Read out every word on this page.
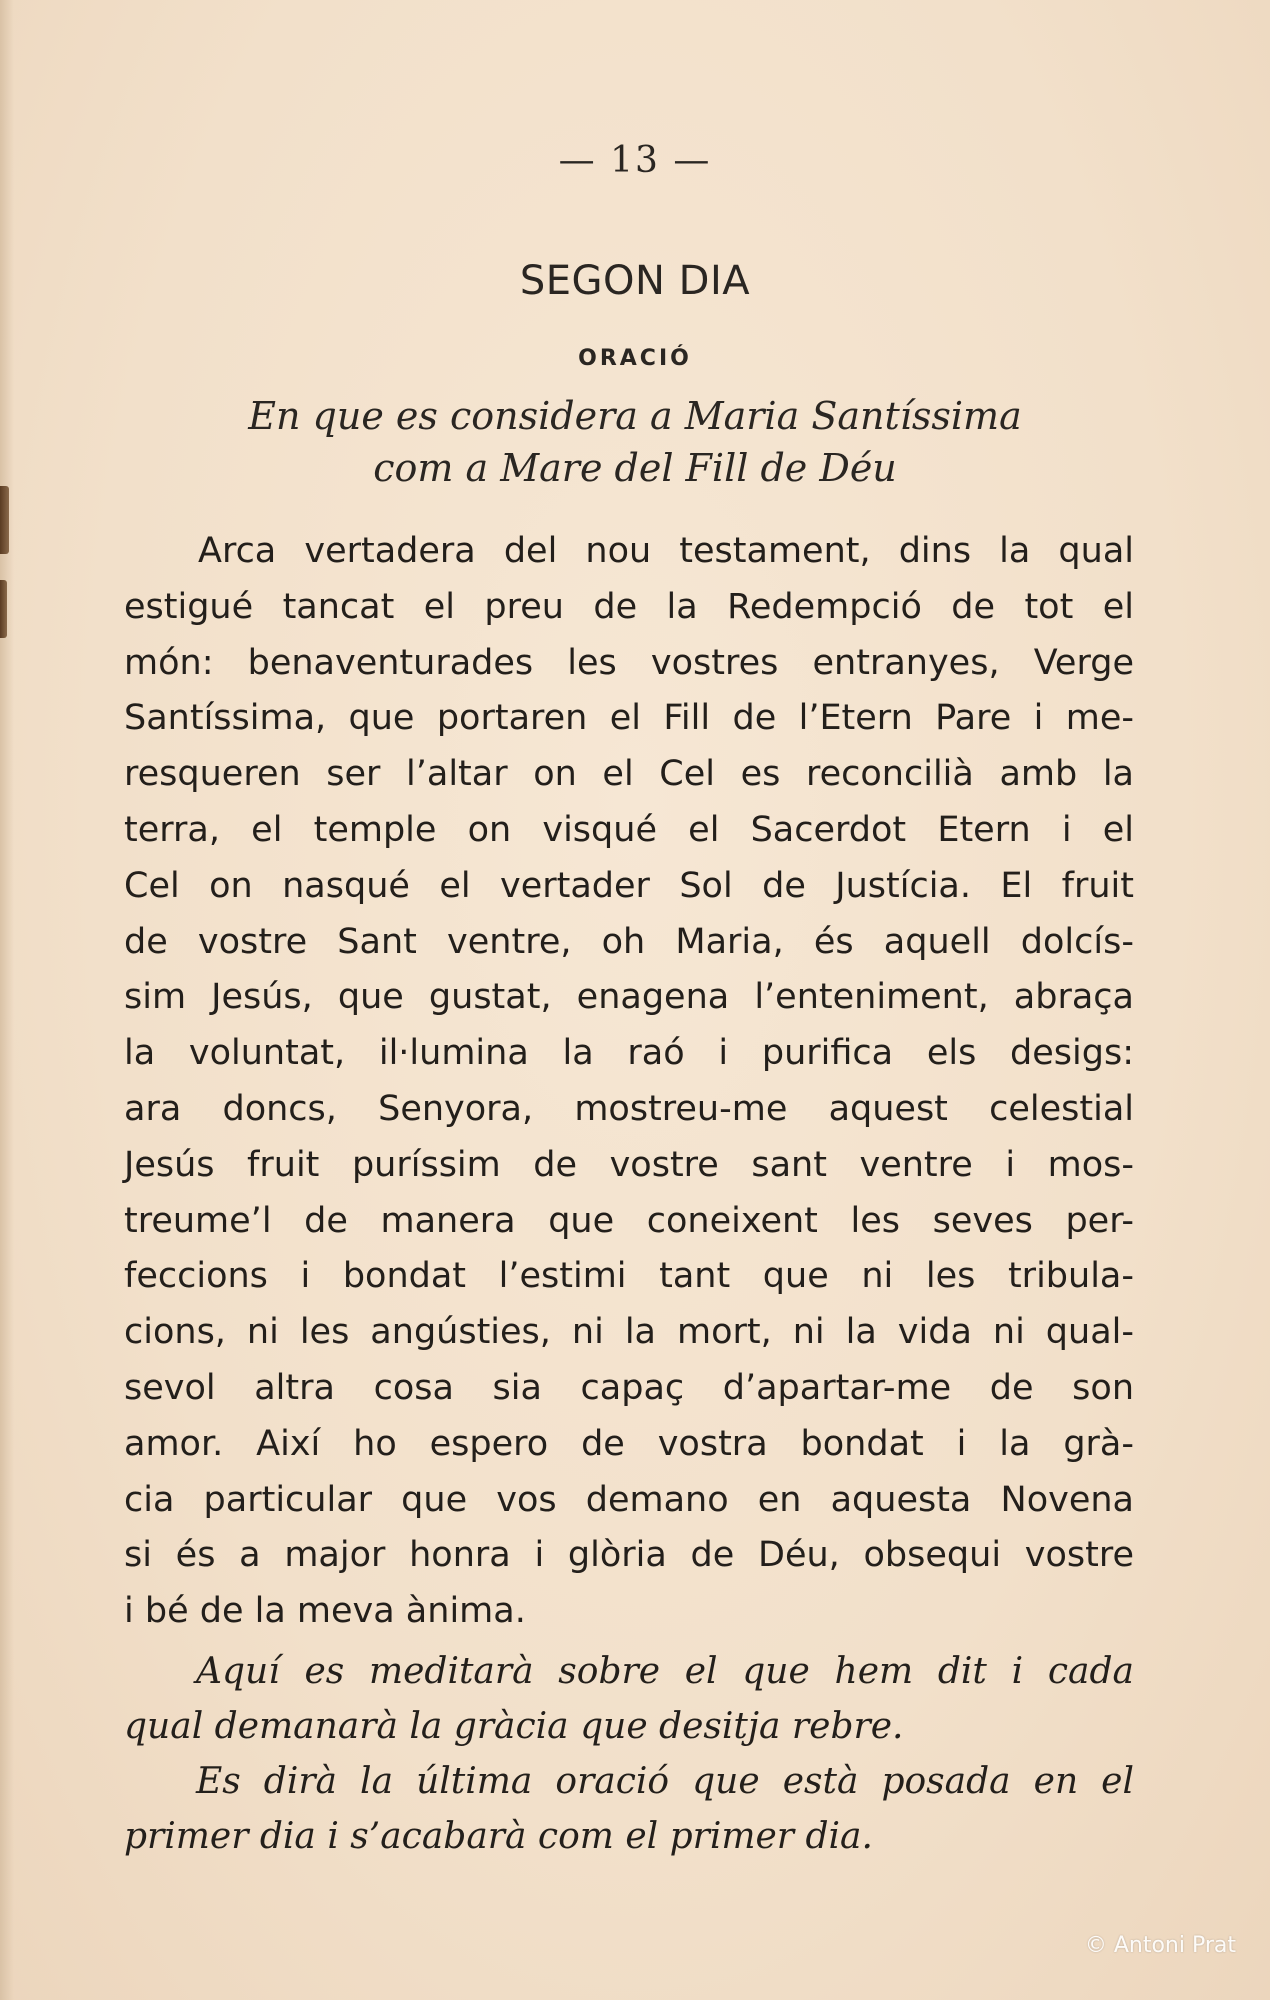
— 13 —
SEGON DIA
ORACIÓ
En que es considera a Maria Santíssima
com a Mare del Fill de Déu
Arca vertadera del nou testament, dins la qual
estigué tancat el preu de la Redempció de tot el
món: benaventurades les vostres entranyes, Verge
Santíssima, que portaren el Fill de l’Etern Pare i me-
resqueren ser l’altar on el Cel es reconcilià amb la
terra, el temple on visqué el Sacerdot Etern i el
Cel on nasqué el vertader Sol de Justícia. El fruit
de vostre Sant ventre, oh Maria, és aquell dolcís-
sim Jesús, que gustat, enagena l’enteniment, abraça
la voluntat, il·lumina la raó i purifica els desigs:
ara doncs, Senyora, mostreu-me aquest celestial
Jesús fruit puríssim de vostre sant ventre i mos-
treume’l de manera que coneixent les seves per-
feccions i bondat l’estimi tant que ni les tribula-
cions, ni les angústies, ni la mort, ni la vida ni qual-
sevol altra cosa sia capaç d’apartar-me de son
amor. Així ho espero de vostra bondat i la grà-
cia particular que vos demano en aquesta Novena
si és a major honra i glòria de Déu, obsequi vostre
i bé de la meva ànima.
Aquí es meditarà sobre el que hem dit i cada
qual demanarà la gràcia que desitja rebre.
Es dirà la última oració que està posada en el
primer dia i s’acabarà com el primer dia.
© Antoni Prat
